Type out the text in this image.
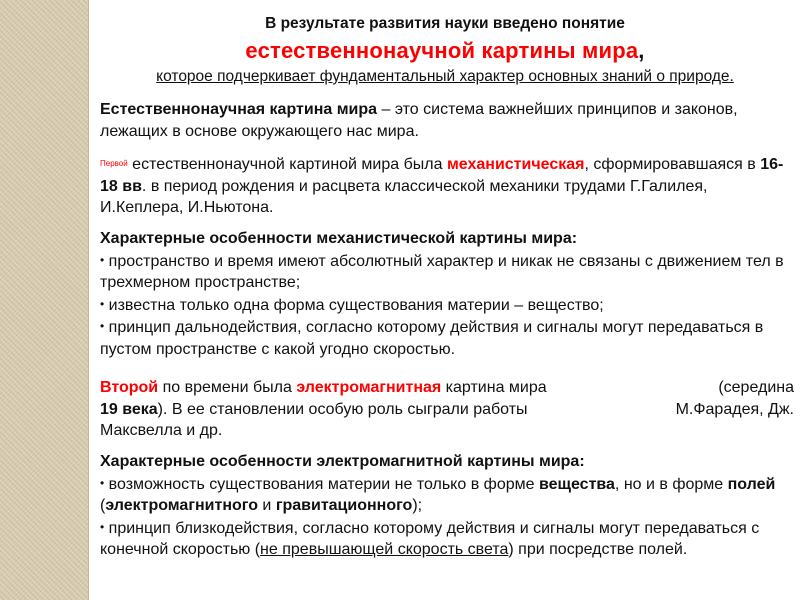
В результате развития науки введено понятие
естественнонаучной картины мира,
которое подчеркивает фундаментальный характер основных знаний о природе.
Естественнонаучная картина мира – это система важнейших принципов и законов, лежащих в основе окружающего нас мира.
Первой естественнонаучной картиной мира была механистическая, сформировавшаяся в 16-18 вв. в период рождения и расцвета классической механики трудами Г.Галилея, И.Кеплера, И.Ньютона.
Характерные особенности механистической картины мира:
• пространство и время имеют абсолютный характер и никак не связаны с движением тел в трехмерном пространстве;
• известна только одна форма существования материи – вещество;
• принцип дальнодействия, согласно которому действия и сигналы могут передаваться в пустом пространстве с какой угодно скоростью.
Второй по времени была электромагнитная картина мира	(середина
19 века). В ее становлении особую роль сыграли работы	М.Фарадея, Дж.
Максвелла и др.
Характерные особенности электромагнитной картины мира:
• возможность существования материи не только в форме вещества, но и в форме полей (электромагнитного и гравитационного);
• принцип близкодействия, согласно которому действия и сигналы могут передаваться с конечной скоростью (не превышающей скорость света) при посредстве полей.
